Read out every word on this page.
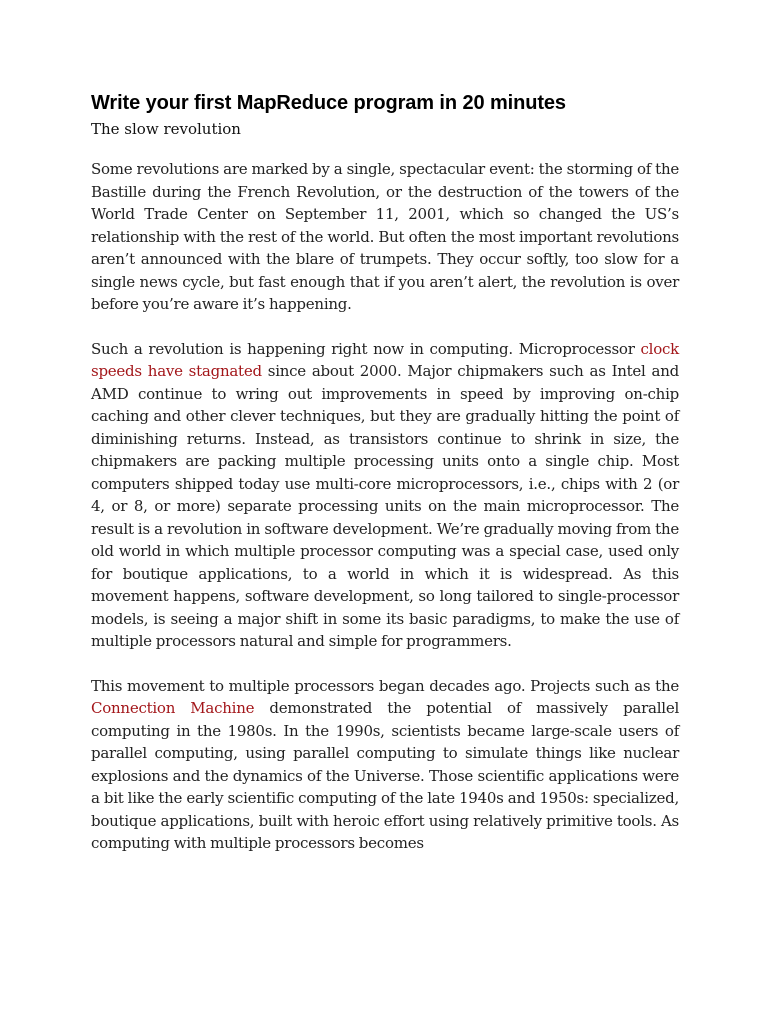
Write your first MapReduce program in 20 minutes
The slow revolution

Some revolutions are marked by a single, spectacular event: the storming of the Bastille during the French Revolution, or the destruction of the towers of the World Trade Center on September 11, 2001, which so changed the US’s relationship with the rest of the world. But often the most important revolutions aren’t announced with the blare of trumpets. They occur softly, too slow for a single news cycle, but fast enough that if you aren’t alert, the revolution is over before you’re aware it’s happening.

Such a revolution is happening right now in computing. Microprocessor clock speeds have stagnated since about 2000. Major chipmakers such as Intel and AMD continue to wring out improvements in speed by improving on-chip caching and other clever techniques, but they are gradually hitting the point of diminishing returns. Instead, as transistors continue to shrink in size, the chipmakers are packing multiple processing units onto a single chip. Most computers shipped today use multi-core microprocessors, i.e., chips with 2 (or 4, or 8, or more) separate processing units on the main microprocessor. The result is a revolution in software development. We’re gradually moving from the old world in which multiple processor computing was a special case, used only for boutique applications, to a world in which it is widespread. As this movement happens, software development, so long tailored to single-processor models, is seeing a major shift in some its basic paradigms, to make the use of multiple processors natural and simple for programmers.

This movement to multiple processors began decades ago. Projects such as the Connection Machine demonstrated the potential of massively parallel computing in the 1980s. In the 1990s, scientists became large-scale users of parallel computing, using parallel computing to simulate things like nuclear explosions and the dynamics of the Universe. Those scientific applications were a bit like the early scientific computing of the late 1940s and 1950s: specialized, boutique applications, built with heroic effort using relatively primitive tools. As computing with multiple processors becomes
